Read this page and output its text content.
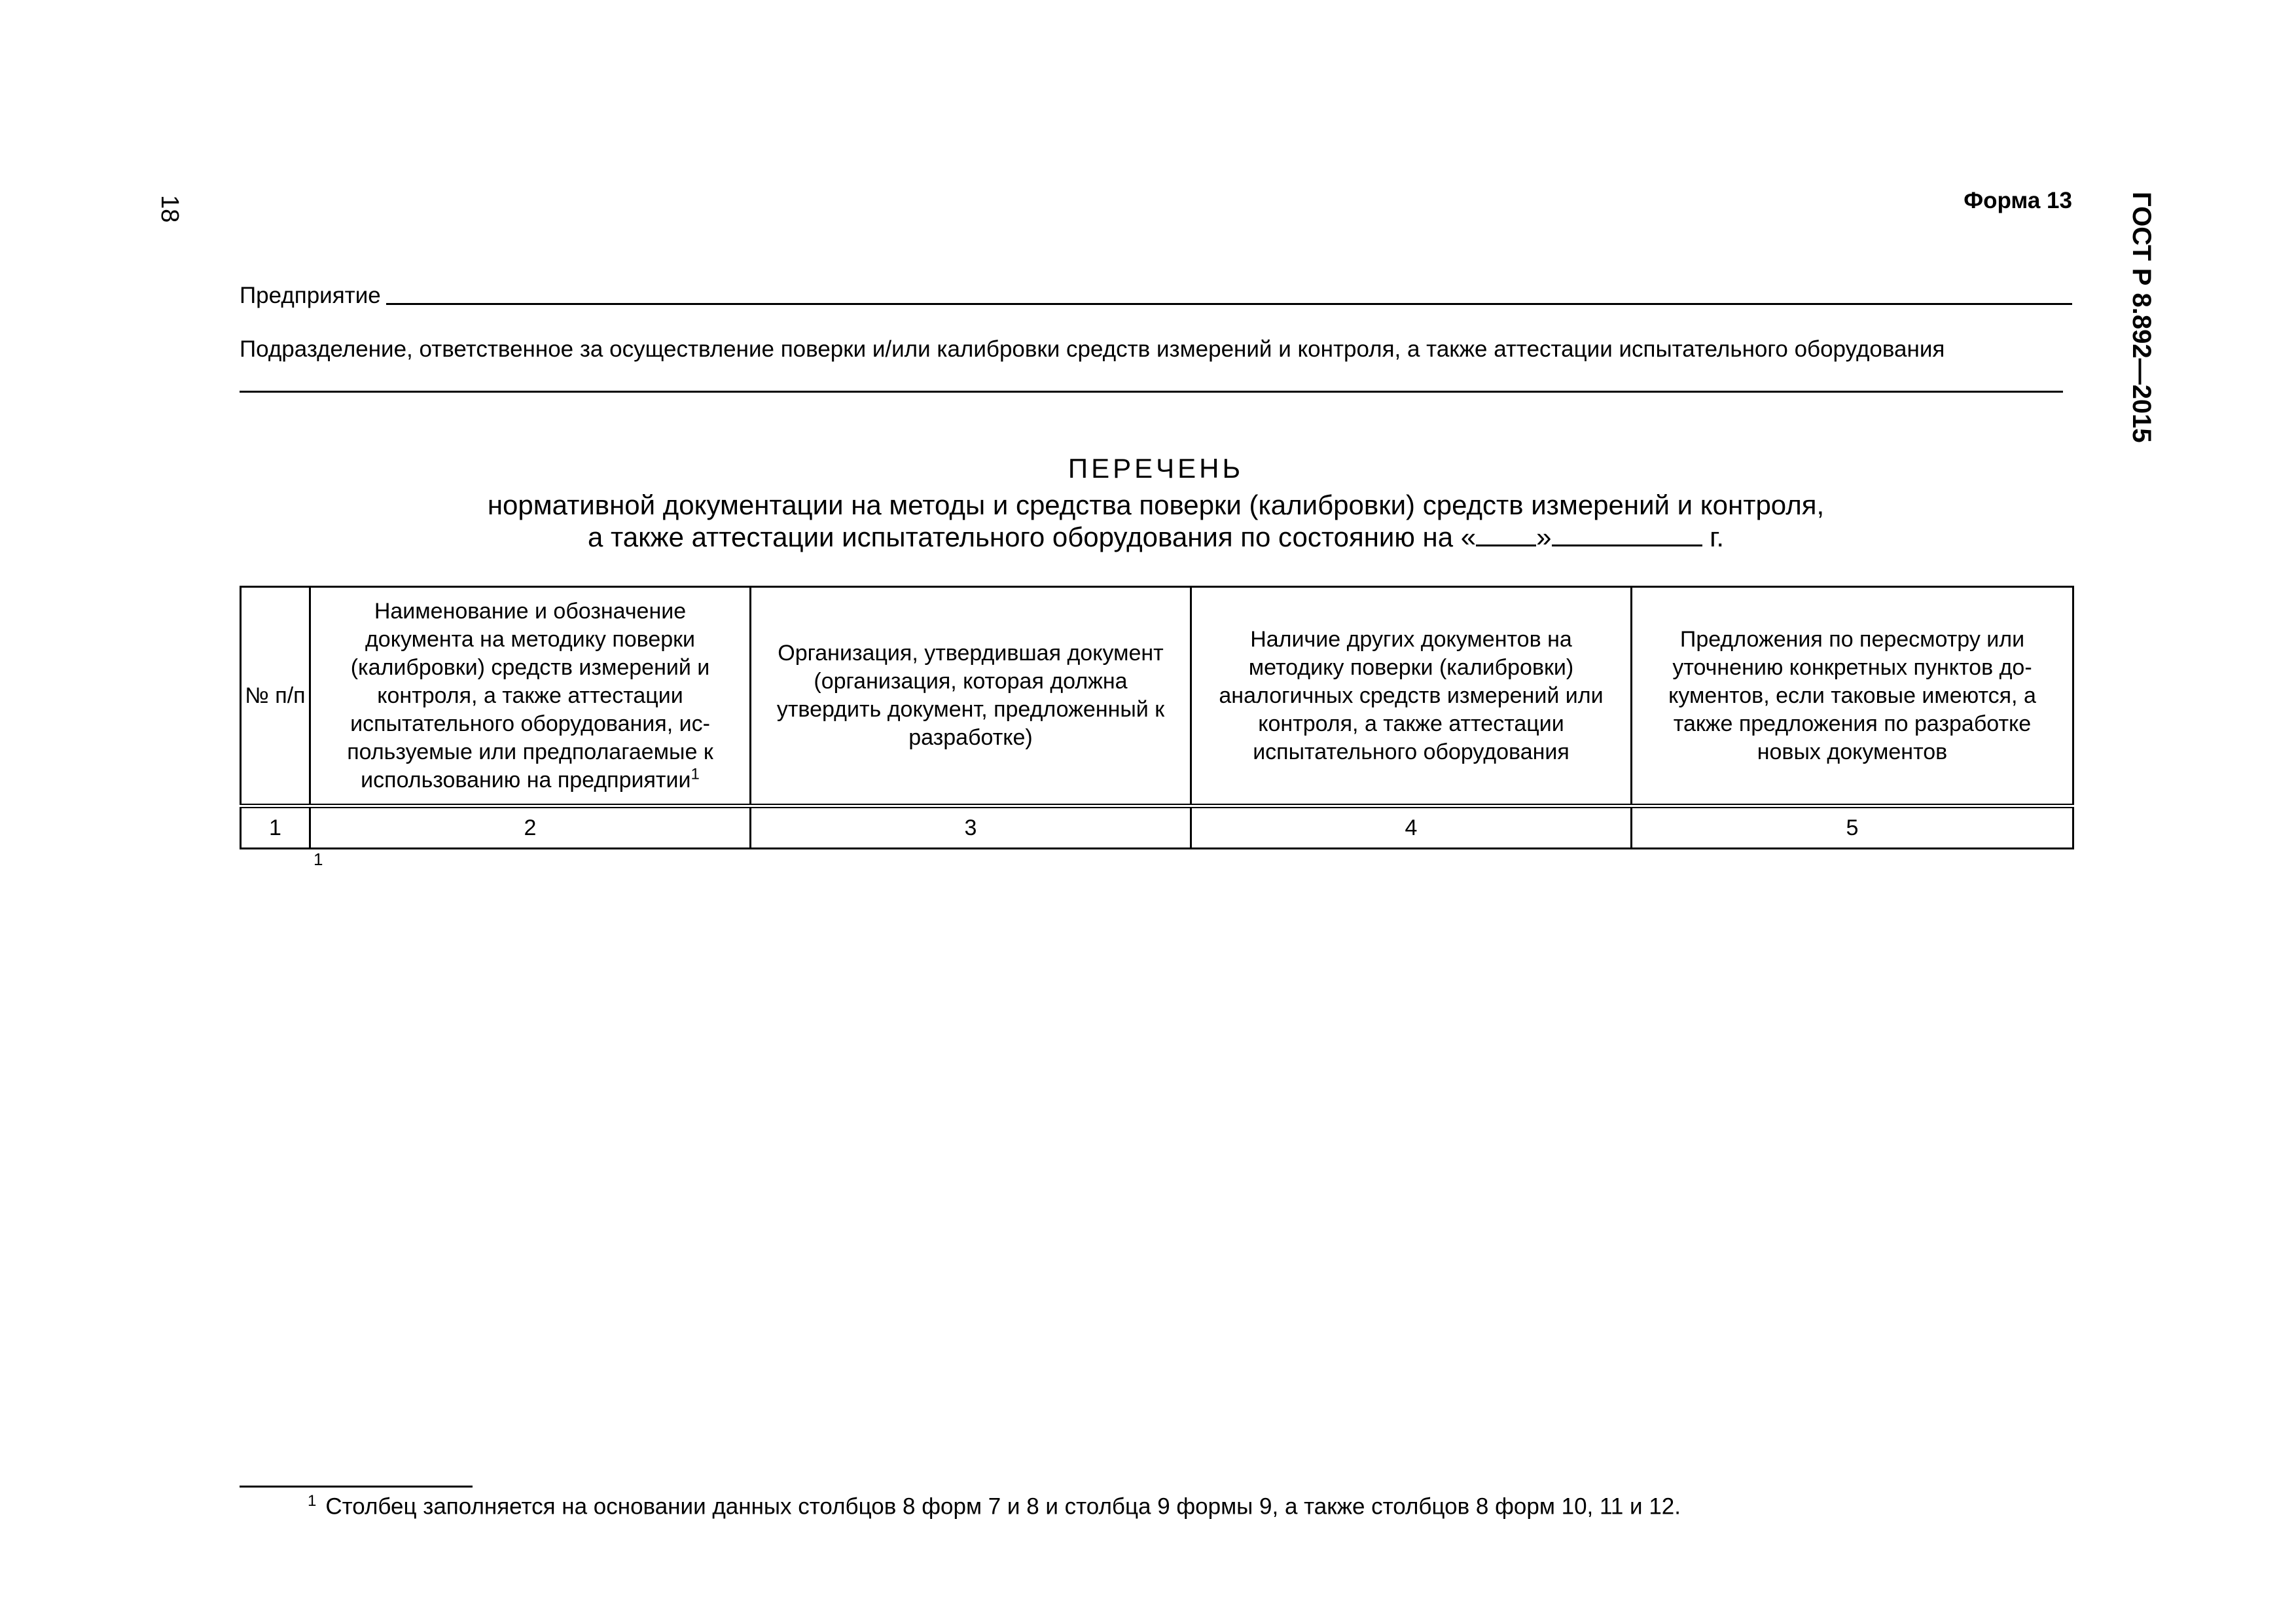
18	ГОСТ Р 8.892—2015
Форма 13
Предприятие
Подразделение, ответственное за осуществление поверки и/или калибровки средств измерений и контроля, а также аттестации испытательного оборудования
ПЕРЕЧЕНЬ
нормативной документации на методы и средства поверки (калибровки) средств измерений и контроля,
а также аттестации испытательного оборудования по состоянию на « »	г.
№ п/п	Наименование и обозначение документа на методику поверки (калибровки) средств измерений и контроля, а также аттестации испытательного оборудования, используемые или предполагаемые к использованию на предприятии$^1$	Организация, утвердившая документ (организация, которая должна утвердить документ, предложенный к разработке)	Наличие других документов на методику поверки (калибровки) аналогичных средств измерений или контроля, а также аттестации испытательного оборудования	Предложения по пересмотру или уточнению конкретных пунктов документов, если таковые имеются, а также предложения по разработке новых документов
1	2	3	4	5
1
$^1$ Столбец заполняется на основании данных столбцов 8 форм 7 и 8 и столбца 9 формы 9, а также столбцов 8 форм 10, 11 и 12.
